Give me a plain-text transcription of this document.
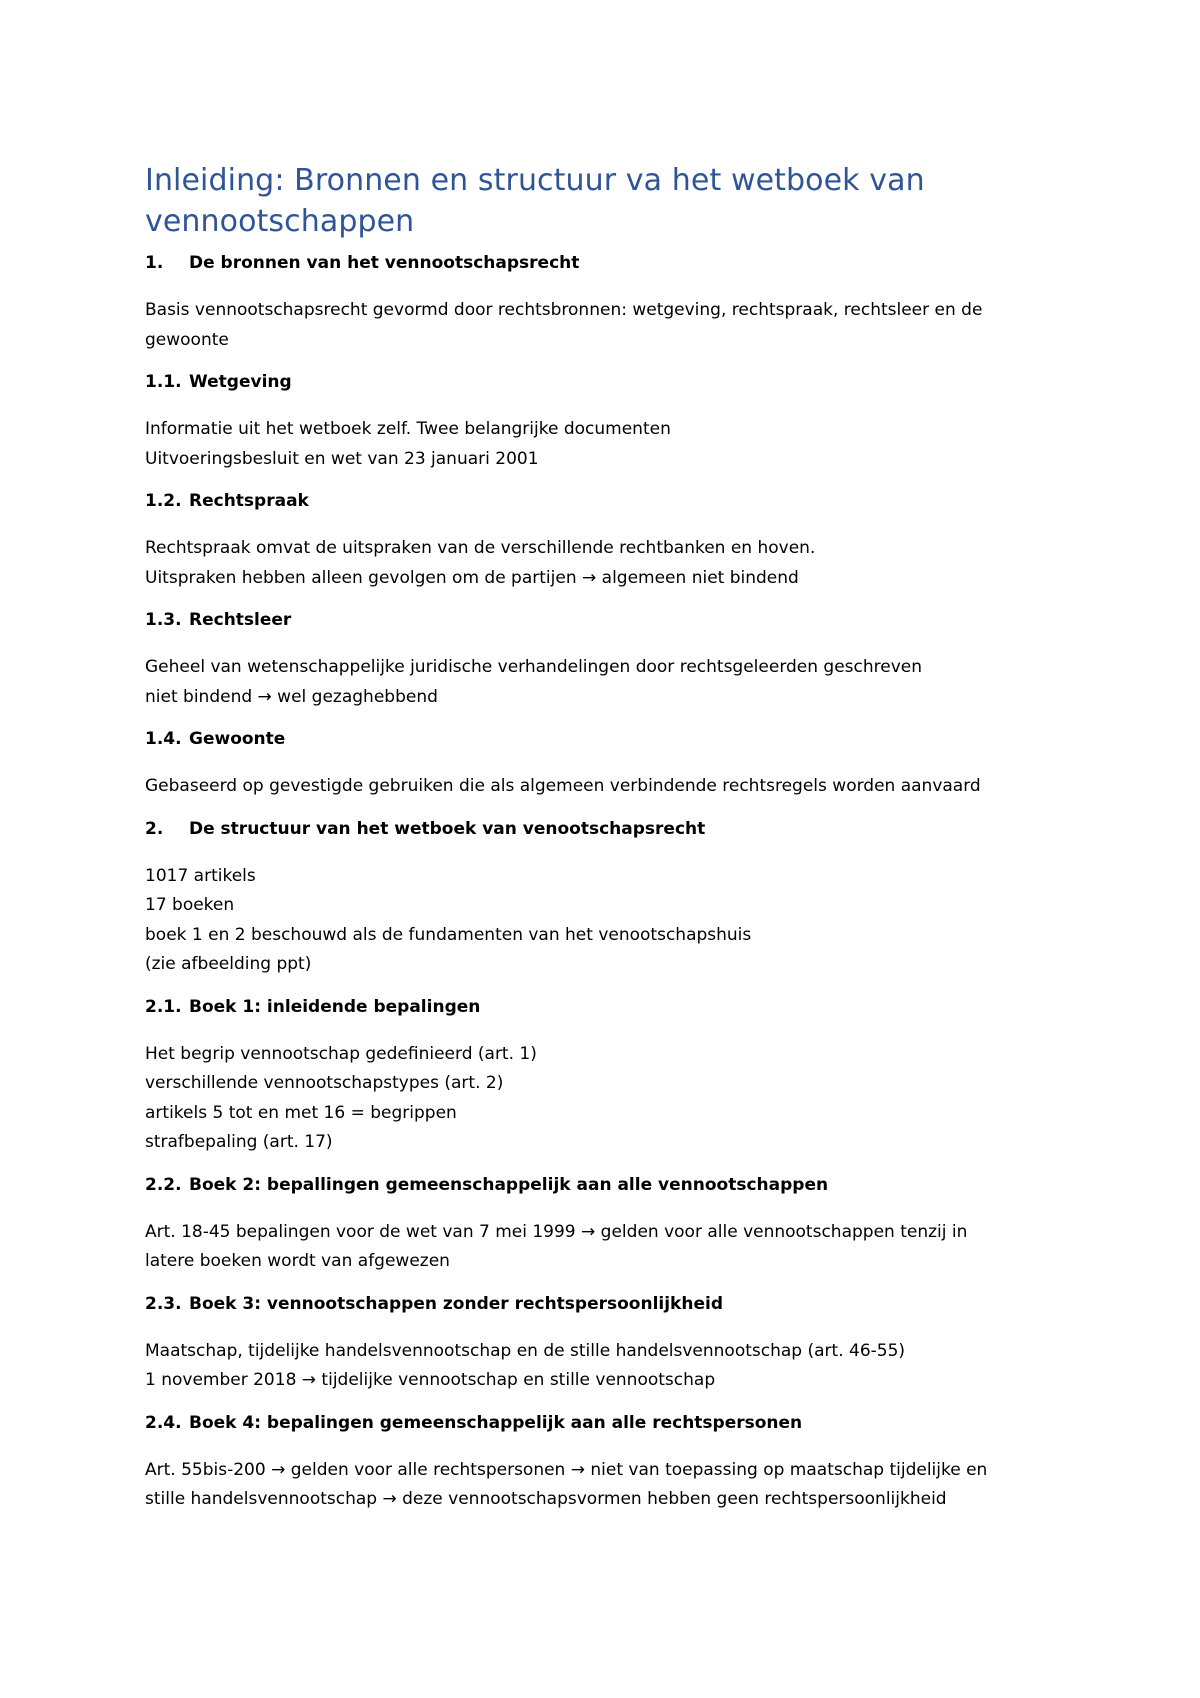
Inleiding: Bronnen en structuur va het wetboek van vennootschappen
1. De bronnen van het vennootschapsrecht
Basis vennootschapsrecht gevormd door rechtsbronnen: wetgeving, rechtspraak, rechtsleer en de
gewoonte
1.1. Wetgeving
Informatie uit het wetboek zelf. Twee belangrijke documenten
Uitvoeringsbesluit en wet van 23 januari 2001
1.2. Rechtspraak
Rechtspraak omvat de uitspraken van de verschillende rechtbanken en hoven.
Uitspraken hebben alleen gevolgen om de partijen → algemeen niet bindend
1.3. Rechtsleer
Geheel van wetenschappelijke juridische verhandelingen door rechtsgeleerden geschreven
niet bindend → wel gezaghebbend
1.4. Gewoonte
Gebaseerd op gevestigde gebruiken die als algemeen verbindende rechtsregels worden aanvaard
2. De structuur van het wetboek van venootschapsrecht
1017 artikels
17 boeken
boek 1 en 2 beschouwd als de fundamenten van het venootschapshuis
(zie afbeelding ppt)
2.1. Boek 1: inleidende bepalingen
Het begrip vennootschap gedefinieerd (art. 1)
verschillende vennootschapstypes (art. 2)
artikels 5 tot en met 16 = begrippen
strafbepaling (art. 17)
2.2. Boek 2: bepallingen gemeenschappelijk aan alle vennootschappen
Art. 18-45 bepalingen voor de wet van 7 mei 1999 → gelden voor alle vennootschappen tenzij in
latere boeken wordt van afgewezen
2.3. Boek 3: vennootschappen zonder rechtspersoonlijkheid
Maatschap, tijdelijke handelsvennootschap en de stille handelsvennootschap (art. 46-55)
1 november 2018 → tijdelijke vennootschap en stille vennootschap
2.4. Boek 4: bepalingen gemeenschappelijk aan alle rechtspersonen
Art. 55bis-200 → gelden voor alle rechtspersonen → niet van toepassing op maatschap tijdelijke en
stille handelsvennootschap → deze vennootschapsvormen hebben geen rechtspersoonlijkheid
